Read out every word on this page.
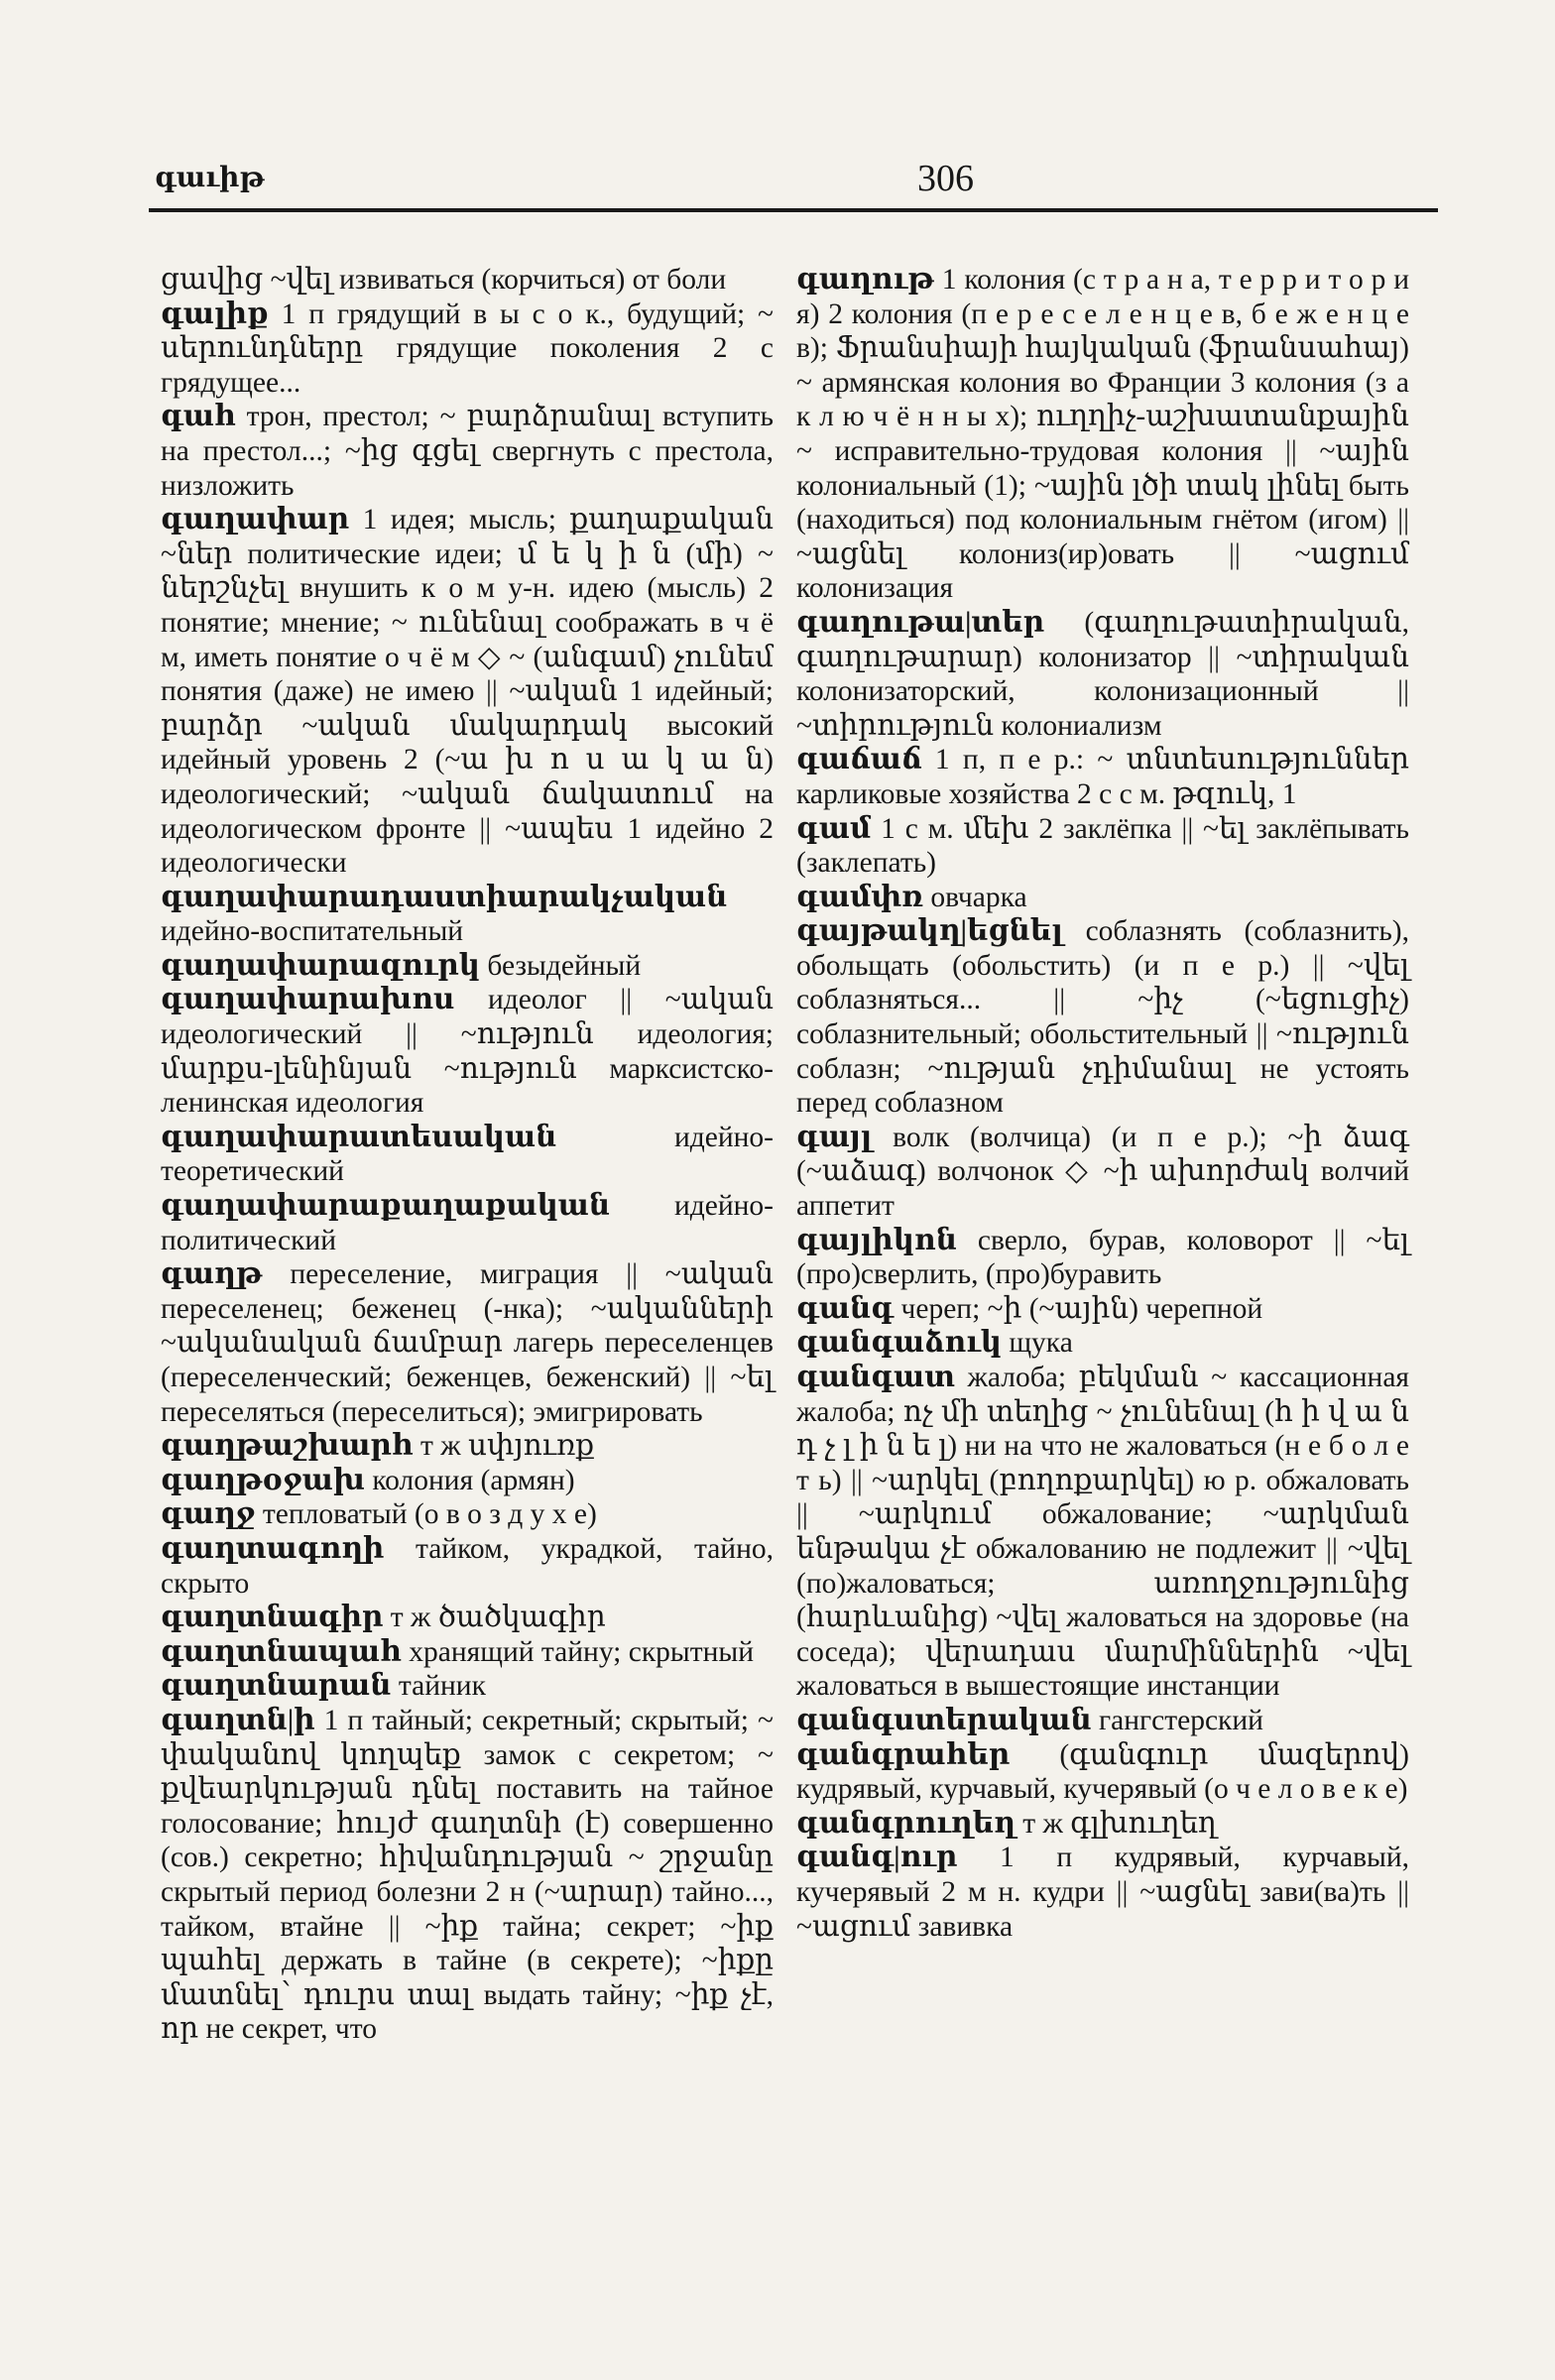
գաւիթ	306
ցավից ~վել извиваться (корчиться) от боли
գալիք 1 п грядущий в ы с о к., будущий; ~ սերունդները грядущие поколения 2 с грядущее...
գահ трон, престол; ~ բարձրանալ вступить на престол...; ~ից գցել свергнуть с престола, низложить
գաղափար 1 идея; мысль; քաղաքական ~ներ политические идеи; մ ե կ ի ն (մի) ~ ներշնչել внушить к о м у-н. идею (мысль) 2 понятие; мнение; ~ ունենալ соображать в ч ё м, иметь понятие о ч ё м ◇ ~ (անգամ) չունեմ понятия (даже) не имею || ~ական 1 идейный; բարձր ~ական մակարդակ высокий идейный уровень 2 (~ա խ ո ս ա կ ա ն) идеологический; ~ական ճակատում на идеологическом фронте || ~ապես 1 идейно 2 идеологически
գաղափարադաստիարակչական идейно-воспитательный
գաղափարազուրկ безыдейный
գաղափարախոս идеолог || ~ական идеологический || ~ություն идеология; մարքս-լենինյան ~ություն марксистско-ленинская идеология
գաղափարատեսական идейно-теоретический
գաղափարաքաղաքական идейно-политический
գաղթ переселение, миграция || ~ական переселенец; беженец (-нка); ~ականների ~ականական ճամբար лагерь переселенцев (переселенческий; беженцев, беженский) || ~ել переселяться (переселиться); эмигрировать
գաղթաշխարհ т ж սփյուռք
գաղթօջախ колония (армян)
գաղջ тепловатый (о в о з д у х е)
գաղտագողի тайком, украдкой, тайно, скрыто
գաղտնագիր т ж ծածկագիր
գաղտնապահ хранящий тайну; скрытный
գաղտնարան тайник
գաղտն|ի 1 п тайный; секретный; скрытый; ~ փականով կողպեք замок с секретом; ~ քվեարկության դնել поставить на тайное голосование; հույժ գաղտնի (է) совершенно (сов.) секретно; հիվանդության ~ շրջանը скрытый период болезни 2 н (~արար) тайно..., тайком, втайне || ~իք тайна; секрет; ~իք պահել держать в тайне (в секрете); ~իքը մատնել՝ դուրս տալ выдать тайну; ~իք չէ, որ не секрет, что
գաղութ 1 колония (с т р а н а, т е р р и т о р и я) 2 колония (п е р е с е л е н ц е в, б е ж е н ц е в); Ֆրանսիայի հայկական (ֆրանսահայ) ~ армянская колония во Франции 3 колония (з а к л ю ч ё н н ы х); ուղղիչ-աշխատանքային ~ исправительно-трудовая колония || ~ային колониальный (1); ~ային լծի տակ լինել быть (находиться) под колониальным гнётом (игом) || ~ացնել колониз(ир)овать || ~ացում колонизация
գաղութա|տեր (գաղութատիրական, գաղութարար) колонизатор || ~տիրական колонизаторский, колонизационный || ~տիրություն колониализм
գաճաճ 1 п, п е р.: ~ տնտեսություններ карликовые хозяйства 2 с с м. թզուկ, 1
գամ 1 с м. մեխ 2 заклёпка || ~ել заклёпывать (заклепать)
գամփռ овчарка
գայթակղ|եցնել соблазнять (соблазнить), обольщать (обольстить) (и п е р.) || ~վել соблазняться... || ~իչ (~եցուցիչ) соблазнительный; обольстительный || ~ություն соблазн; ~ության չդիմանալ не устоять перед соблазном
գայլ волк (волчица) (и п е р.); ~ի ձագ (~աձագ) волчонок ◇ ~ի ախորժակ волчий аппетит
գայլիկոն сверло, бурав, коловорот || ~ել (про)сверлить, (про)буравить
գանգ череп; ~ի (~ային) черепной
գանգաձուկ щука
գանգատ жалоба; բեկման ~ кассационная жалоба; ոչ մի տեղից ~ չունենալ (հ ի վ ա ն դ չ լ ի ն ե լ) ни на что не жаловаться (н е б о л е т ь) || ~արկել (բողոքարկել) ю р. обжаловать || ~արկում обжалование; ~արկման ենթակա չէ обжалованию не подлежит || ~վել (по)жаловаться; առողջությունից (հարևանից) ~վել жаловаться на здоровье (на соседа); վերադաս մարմիններին ~վել жаловаться в вышестоящие инстанции
գանգստերական гангстерский
գանգրահեր (գանգուր մազերով) кудрявый, курчавый, кучерявый (о ч е л о в е к е)
գանգրուղեղ т ж գլխուղեղ
գանգ|ուր 1 п кудрявый, курчавый, кучерявый 2 м н. кудри || ~ացնել зави(ва)ть || ~ացում завивка
